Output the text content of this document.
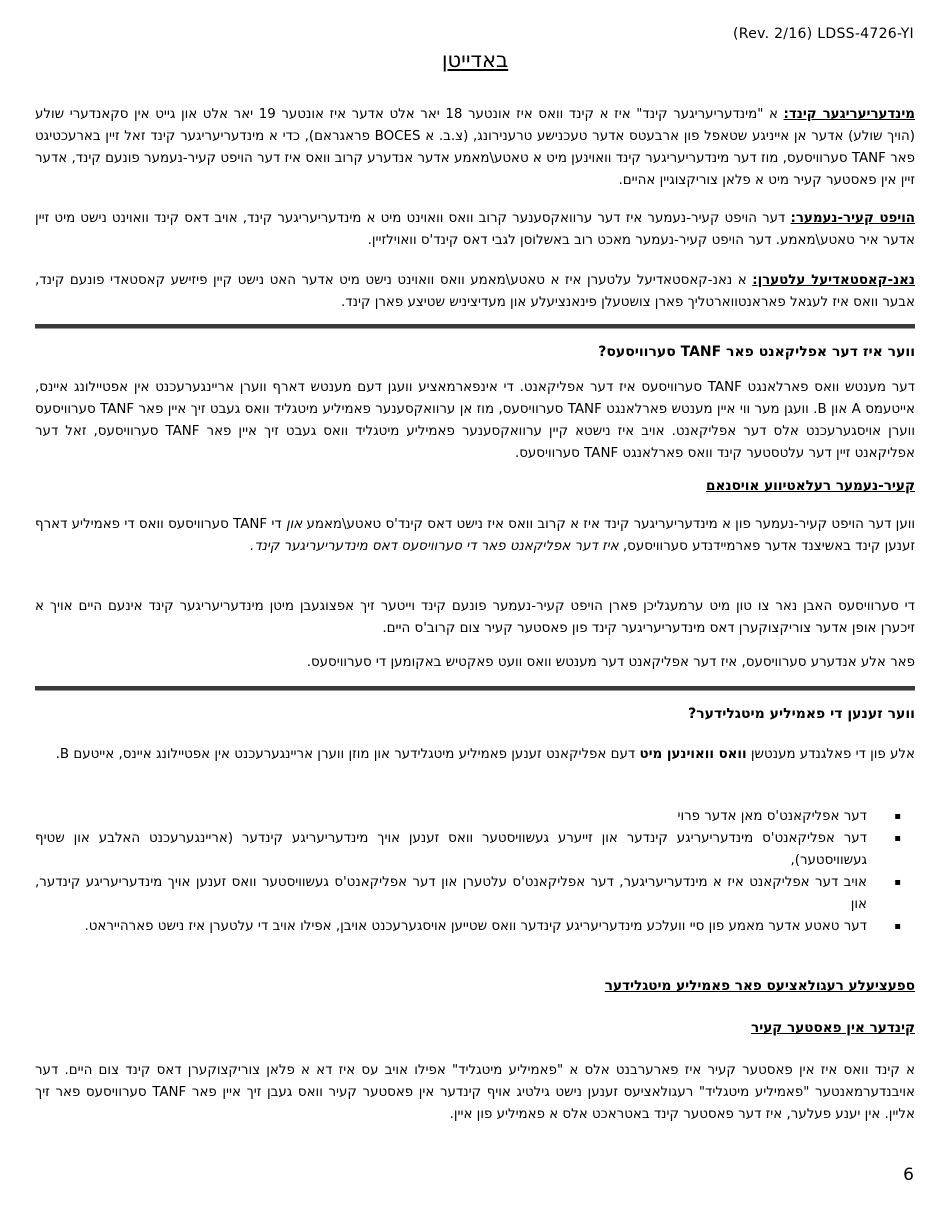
(Rev. 2/16) LDSS-4726-YI
באדייטן

מינדעריעריגער קינד: א "מינדעריעריגער קינד" איז א קינד וואס איז אונטער 18 יאר אלט אדער איז אונטער 19 יאר אלט און גייט אין סקאנדערי שולע (הויך שולע) אדער אן אייניגע שטאפל פון ארבעטס אדער טעכנישע טרענירונג, (צ.ב. א BOCES פראגראם), כדי א מינדעריעריגער קינד זאל זיין בארעכטיגט פאר TANF סערוויסעס, מוז דער מינדעריעריגער קינד וואוינען מיט א טאטע\מאמע אדער אנדערע קרוב וואס איז דער הויפט קעיר-נעמער פונעם קינד, אדער זיין אין פאסטער קעיר מיט א פלאן צוריקצוגיין אהיים.

הויפט קעיר-נעמער: דער הויפט קעיר-נעמער איז דער ערוואקסענער קרוב וואס וואוינט מיט א מינדעריעריגער קינד, אויב דאס קינד וואוינט נישט מיט זיין אדער איר טאטע\מאמע. דער הויפט קעיר-נעמער מאכט רוב באשלוסן לגבי דאס קינד'ס וואוילזיין.

נאנ-קאסטאדיעל עלטערן: א נאנ-קאסטאדיעל עלטערן איז א טאטע\מאמע וואס וואוינט נישט מיט אדער האט נישט קיין פיזישע קאסטאדי פונעם קינד, אבער וואס איז לעגאל פאראנטווארטליך פארן צושטעלן פינאנציעלע און מעדיציניש שטיצע פארן קינד.

ווער איז דער אפליקאנט פאר TANF סערוויסעס?

דער מענטש וואס פארלאנגט TANF סערוויסעס איז דער אפליקאנט. די אינפארמאציע וועגן דעם מענטש דארף ווערן אריינגערעכנט אין אפטיילונג איינס, אייטעמס A און B. וועגן מער ווי איין מענטש פארלאנגט TANF סערוויסעס, מוז אן ערוואקסענער פאמיליע מיטגליד וואס געבט זיך איין פאר TANF סערוויסעס ווערן אויסגערעכנט אלס דער אפליקאנט. אויב איז נישטא קיין ערוואקסענער פאמיליע מיטגליד וואס געבט זיך איין פאר TANF סערוויסעס, זאל דער אפליקאנט זיין דער עלטסטער קינד וואס פארלאנגט TANF סערוויסעס.

קעיר-נעמער רעלאטיווע אויסנאם

ווען דער הויפט קעיר-נעמער פון א מינדעריעריגער קינד איז א קרוב וואס איז נישט דאס קינד'ס טאטע\מאמע און די TANF סערוויסעס וואס די פאמיליע דארף זענען קינד באשיצנד אדער פארמיידנדע סערוויסעס, איז דער אפליקאנט פאר די סערוויסעס דאס מינדעריעריגער קינד.

די סערוויסעס האבן נאר צו טון מיט ערמעגליכן פארן הויפט קעיר-נעמער פונעם קינד וייטער זיך אפצוגעבן מיטן מינדעריעריגער קינד אינעם היים אויך א זיכערן אופן אדער צוריקצוקערן דאס מינדעריעריגער קינד פון פאסטער קעיר צום קרוב'ס היים.

פאר אלע אנדערע סערוויסעס, איז דער אפליקאנט דער מענטש וואס וועט פאקטיש באקומען די סערוויסעס.

ווער זענען די פאמיליע מיטגלידער?

אלע פון די פאלגנדע מענטשן וואס וואוינען מיט דעם אפליקאנט זענען פאמיליע מיטגלידער און מוזן ווערן אריינגערעכנט אין אפטיילונג איינס, אייטעם B.

▪
דער אפליקאנט'ס מאן אדער פרוי
▪
דער אפליקאנט'ס מינדעריעריגע קינדער און זייערע געשוויסטער וואס זענען אויך מינדעריעריגע קינדער (אריינגערעכנט האלבע און שטיף געשוויסטער),
▪
אויב דער אפליקאנט איז א מינדעריעריגער, דער אפליקאנט'ס עלטערן און דער אפליקאנט'ס געשוויסטער וואס זענען אויך מינדעריעריגע קינדער, און
▪
דער טאטע אדער מאמע פון סיי וועלכע מינדעריעריגע קינדער וואס שטייען אויסגערעכנט אויבן, אפילו אויב די עלטערן איז נישט פארהייראט.
ספעציעלע רעגולאציעס פאר פאמיליע מיטגלידער
קינדער אין פאסטער קעיר

א קינד וואס איז אין פאסטער קעיר איז פארערבנט אלס א "פאמיליע מיטגליד" אפילו אויב עס איז דא א פלאן צוריקצוקערן דאס קינד צום היים. דער אויבנדערמאנטער "פאמיליע מיטגליד" רעגולאציעס זענען נישט גילטיג אויף קינדער אין פאסטער קעיר וואס געבן זיך איין פאר TANF סערוויסעס פאר זיך אליין. אין יענע פעלער, איז דער פאסטער קינד באטראכט אלס א פאמיליע פון איין.

6
